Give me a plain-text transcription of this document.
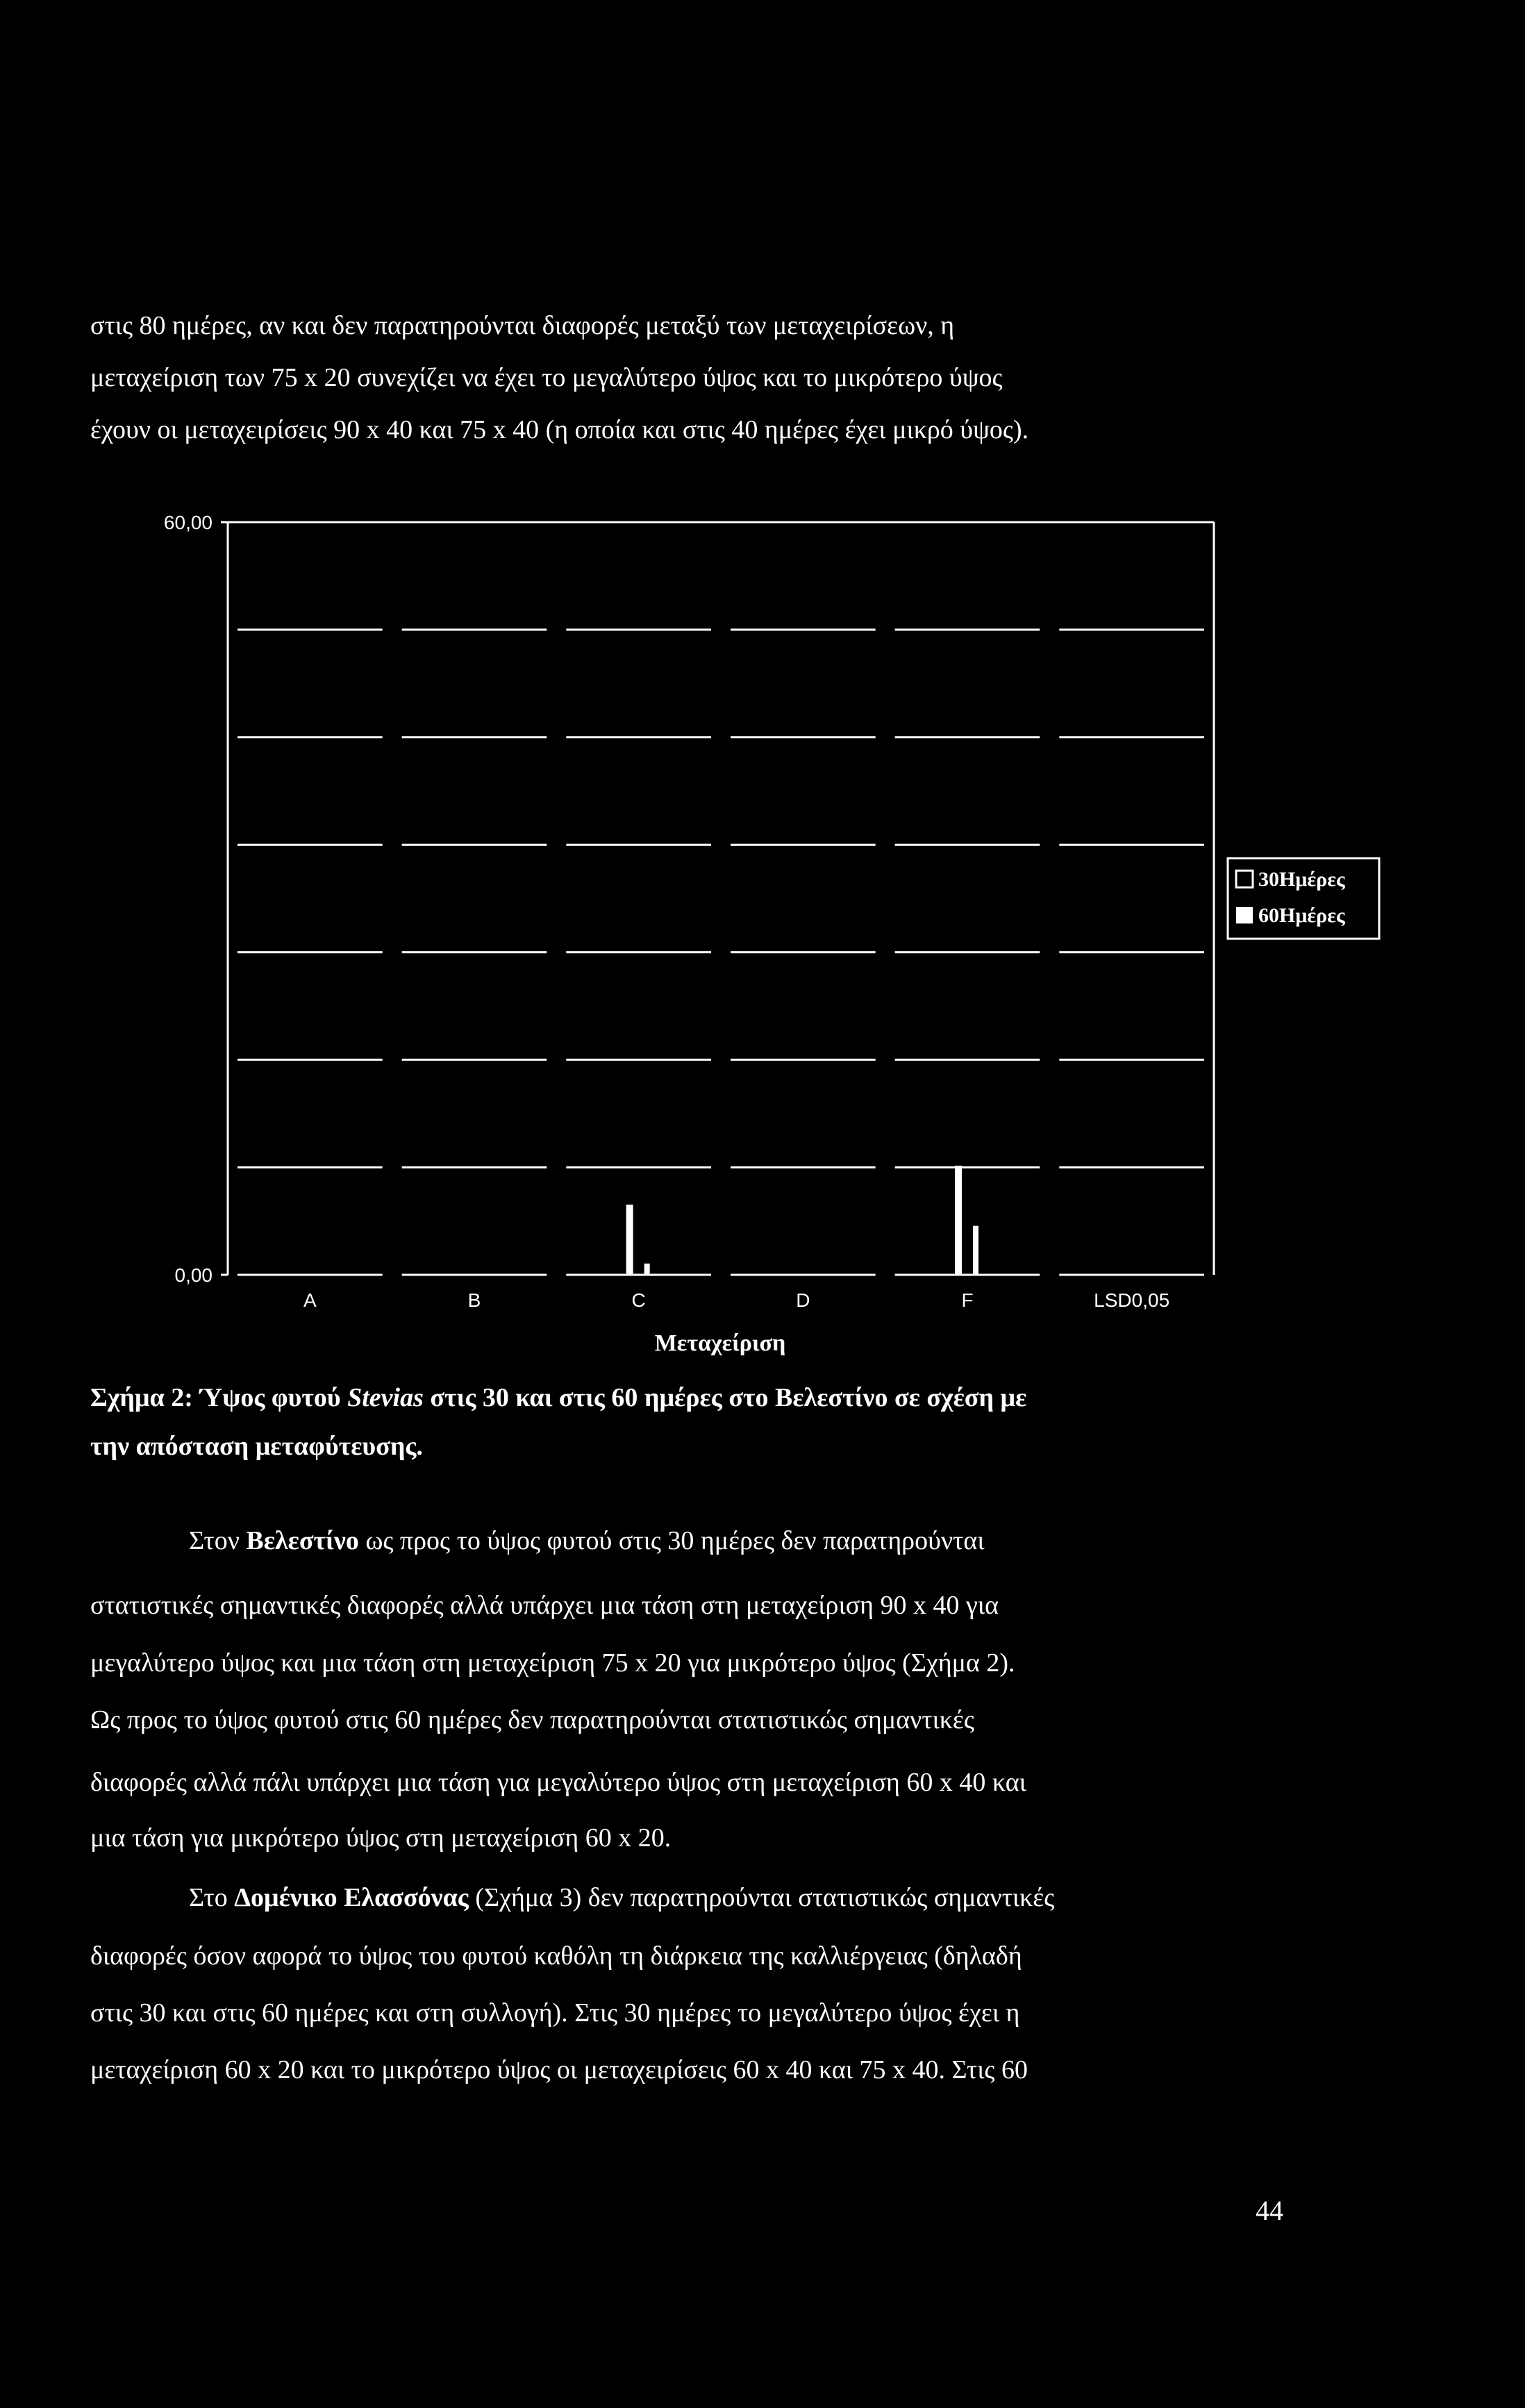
στις 80 ημέρες, αν και δεν παρατηρούνται διαφορές μεταξύ των μεταχειρίσεων, η
μεταχείριση των 75 x 20 συνεχίζει να έχει το μεγαλύτερο ύψος και το μικρότερο ύψος
έχουν οι μεταχειρίσεις 90 x 40 και 75 x 40 (η οποία και στις 40 ημέρες έχει μικρό ύψος).
0,00
60,00
A	B	C	D	F	LSD0,05
Μεταχείριση
30Ημέρες
60Ημέρες
Σχήμα 2: Ύψος φυτού Stevias στις 30 και στις 60 ημέρες στο Βελεστίνο σε σχέση με
την απόσταση μεταφύτευσης.
Στον Βελεστίνο ως προς το ύψος φυτού στις 30 ημέρες δεν παρατηρούνται
στατιστικές σημαντικές διαφορές αλλά υπάρχει μια τάση στη μεταχείριση 90 x 40 για
μεγαλύτερο ύψος και μια τάση στη μεταχείριση 75 x 20 για μικρότερο ύψος (Σχήμα 2).
Ως προς το ύψος φυτού στις 60 ημέρες δεν παρατηρούνται στατιστικώς σημαντικές
διαφορές αλλά πάλι υπάρχει μια τάση για μεγαλύτερο ύψος στη μεταχείριση 60 x 40 και
μια τάση για μικρότερο ύψος στη μεταχείριση 60 x 20.
Στο Δομένικο Ελασσόνας (Σχήμα 3) δεν παρατηρούνται στατιστικώς σημαντικές
διαφορές όσον αφορά το ύψος του φυτού καθόλη τη διάρκεια της καλλιέργειας (δηλαδή
στις 30 και στις 60 ημέρες και στη συλλογή). Στις 30 ημέρες το μεγαλύτερο ύψος έχει η
μεταχείριση 60 x 20 και το μικρότερο ύψος οι μεταχειρίσεις 60 x 40 και 75 x 40. Στις 60
44
